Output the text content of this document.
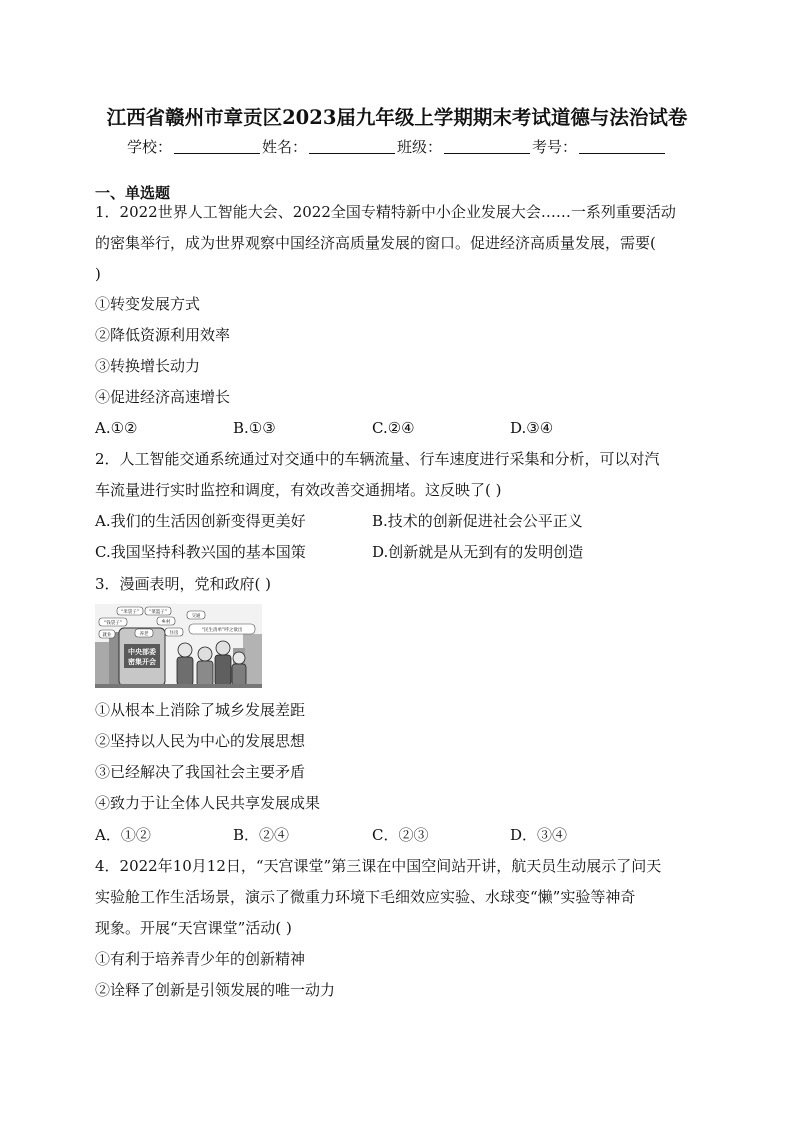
江西省赣州市章贡区2023届九年级上学期期末考试道德与法治试卷
学校：	姓名：	班级：	考号：
一、单选题
1．2022世界人工智能大会、2022全国专精特新中小企业发展大会……一系列重要活动
的密集举行，成为世界观察中国经济高质量发展的窗口。促进经济高质量发展，需要(
)
①转变发展方式
②降低资源利用效率
③转换增长动力
④促进经济高速增长
A.①②	B.①③	C.②④	D.③④
2．人工智能交通系统通过对交通中的车辆流量、行车速度进行采集和分析，可以对汽
车流量进行实时监控和调度，有效改善交通拥堵。这反映了( )
A.我们的生活因创新变得更美好	B.技术的创新促进社会公平正义
C.我国坚持科教兴国的基本国策	D.创新就是从无到有的发明创造
3．漫画表明，党和政府( )
中央部委
密集开会
“米袋子” “菜篮子”
“钱袋子”	乡村
交通
就业	养老	住房
“民生清单”呼之欲出
①从根本上消除了城乡发展差距
②坚持以人民为中心的发展思想
③已经解决了我国社会主要矛盾
④致力于让全体人民共享发展成果
A．①②	B．②④	C．②③	D．③④
4．2022年10月12日，“天宫课堂”第三课在中国空间站开讲，航天员生动展示了问天
实验舱工作生活场景，演示了微重力环境下毛细效应实验、水球变“懒”实验等神奇
现象。开展“天宫课堂”活动( )
①有利于培养青少年的创新精神
②诠释了创新是引领发展的唯一动力
